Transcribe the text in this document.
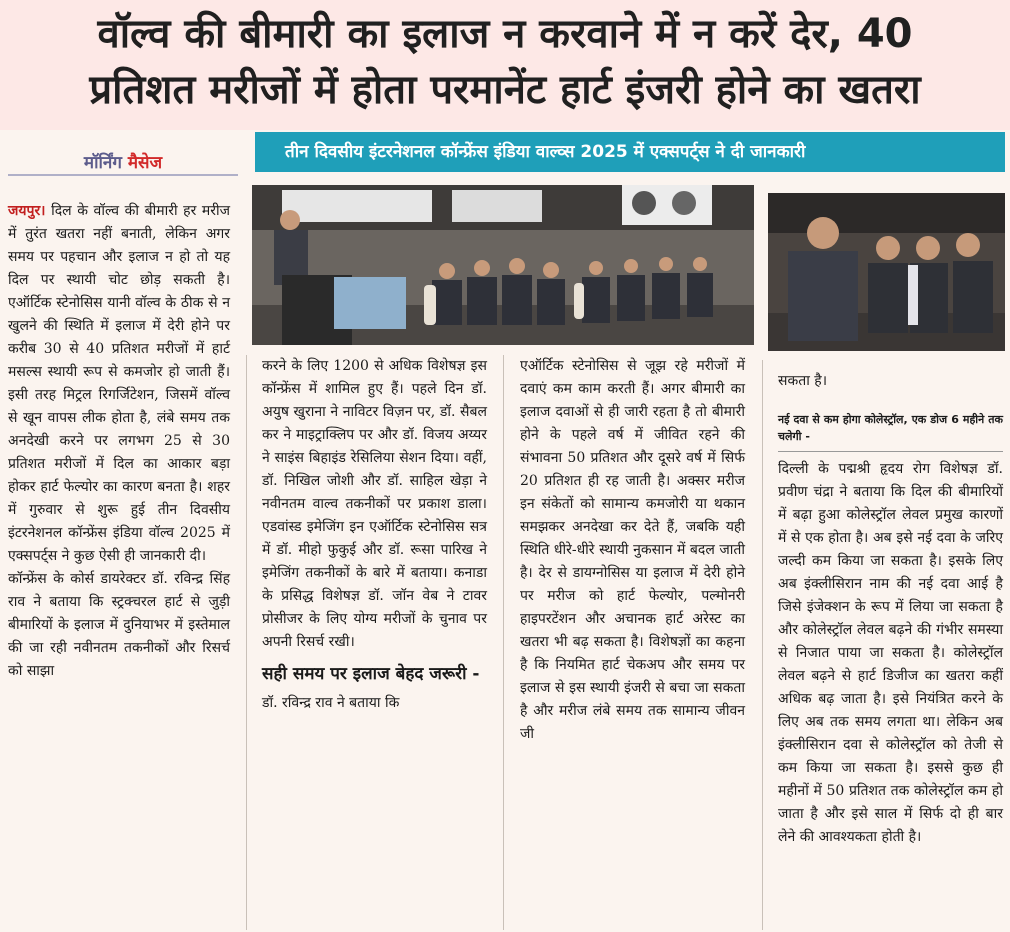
वॉल्व की बीमारी का इलाज न करवाने में न करें देर, 40
प्रतिशत मरीजों में होता परमानेंट हार्ट इंजरी होने का खतरा
मॉर्निंग मैसेज
तीन दिवसीय इंटरनेशनल कॉन्फ्रेंस इंडिया वाल्व्स 2025 में एक्सपर्ट्स ने दी जानकारी

जयपुर। दिल के वॉल्व की बीमारी हर मरीज में तुरंत खतरा नहीं बनाती, लेकिन अगर समय पर पहचान और इलाज न हो तो यह दिल पर स्थायी चोट छोड़ सकती है। एऑर्टिक स्टेनोसिस यानी वॉल्व के ठीक से न खुलने की स्थिति में इलाज में देरी होने पर करीब 30 से 40 प्रतिशत मरीजों में हार्ट मसल्स स्थायी रूप से कमजोर हो जाती हैं। इसी तरह मिट्रल रिगर्जिटेशन, जिसमें वॉल्व से खून वापस लीक होता है, लंबे समय तक अनदेखी करने पर लगभग 25 से 30 प्रतिशत मरीजों में दिल का आकार बड़ा होकर हार्ट फेल्योर का कारण बनता है। शहर में गुरुवार से शुरू हुई तीन दिवसीय इंटरनेशनल कॉन्फ्रेंस इंडिया वॉल्व 2025 में एक्सपर्ट्स ने कुछ ऐसी ही जानकारी दी।

कॉन्फ्रेंस के कोर्स डायरेक्टर डॉ. रविन्द्र सिंह राव ने बताया कि स्ट्रक्चरल हार्ट से जुड़ी बीमारियों के इलाज में दुनियाभर में इस्तेमाल की जा रही नवीनतम तकनीकों और रिसर्च को साझा

करने के लिए 1200 से अधिक विशेषज्ञ इस कॉन्फ्रेंस में शामिल हुए हैं। पहले दिन डॉ. अयुष खुराना ने नाविटर विज़न पर, डॉ. सैबल कर ने माइट्राक्लिप पर और डॉ. विजय अय्यर ने साइंस बिहाइंड रेसिलिया सेशन दिया। वहीं, डॉ. निखिल जोशी और डॉ. साहिल खेड़ा ने नवीनतम वाल्व तकनीकों पर प्रकाश डाला। एडवांस्ड इमेजिंग इन एऑर्टिक स्टेनोसिस सत्र में डॉ. मीहो फुकुई और डॉ. रूसा पारिख ने इमेजिंग तकनीकों के बारे में बताया। कनाडा के प्रसिद्ध विशेषज्ञ डॉ. जॉन वेब ने टावर प्रोसीजर के लिए योग्य मरीजों के चुनाव पर अपनी रिसर्च रखी।

सही समय पर इलाज बेहद जरूरी -

डॉ. रविन्द्र राव ने बताया कि

एऑर्टिक स्टेनोसिस से जूझ रहे मरीजों में दवाएं कम काम करती हैं। अगर बीमारी का इलाज दवाओं से ही जारी रहता है तो बीमारी होने के पहले वर्ष में जीवित रहने की संभावना 50 प्रतिशत और दूसरे वर्ष में सिर्फ 20 प्रतिशत ही रह जाती है। अक्सर मरीज इन संकेतों को सामान्य कमजोरी या थकान समझकर अनदेखा कर देते हैं, जबकि यही स्थिति धीरे-धीरे स्थायी नुकसान में बदल जाती है। देर से डायग्नोसिस या इलाज में देरी होने पर मरीज को हार्ट फेल्योर, पल्मोनरी हाइपरटेंशन और अचानक हार्ट अरेस्ट का खतरा भी बढ़ सकता है। विशेषज्ञों का कहना है कि नियमित हार्ट चेकअप और समय पर इलाज से इस स्थायी इंजरी से बचा जा सकता है और मरीज लंबे समय तक सामान्य जीवन जी

सकता है।

नई दवा से कम होगा कोलेस्ट्रॉल, एक डोज 6 महीने तक चलेगी -

दिल्ली के पद्मश्री हृदय रोग विशेषज्ञ डॉ. प्रवीण चंद्रा ने बताया कि दिल की बीमारियों में बढ़ा हुआ कोलेस्ट्रॉल लेवल प्रमुख कारणों में से एक होता है। अब इसे नई दवा के जरिए जल्दी कम किया जा सकता है। इसके लिए अब इंक्लीसिरान नाम की नई दवा आई है जिसे इंजेक्शन के रूप में लिया जा सकता है और कोलेस्ट्रॉल लेवल बढ़ने की गंभीर समस्या से निजात पाया जा सकता है। कोलेस्ट्रॉल लेवल बढ़ने से हार्ट डिजीज का खतरा कहीं अधिक बढ़ जाता है। इसे नियंत्रित करने के लिए अब तक समय लगता था। लेकिन अब इंक्लीसिरान दवा से कोलेस्ट्रॉल को तेजी से कम किया जा सकता है। इससे कुछ ही महीनों में 50 प्रतिशत तक कोलेस्ट्रॉल कम हो जाता है और इसे साल में सिर्फ दो ही बार लेने की आवश्यकता होती है।
